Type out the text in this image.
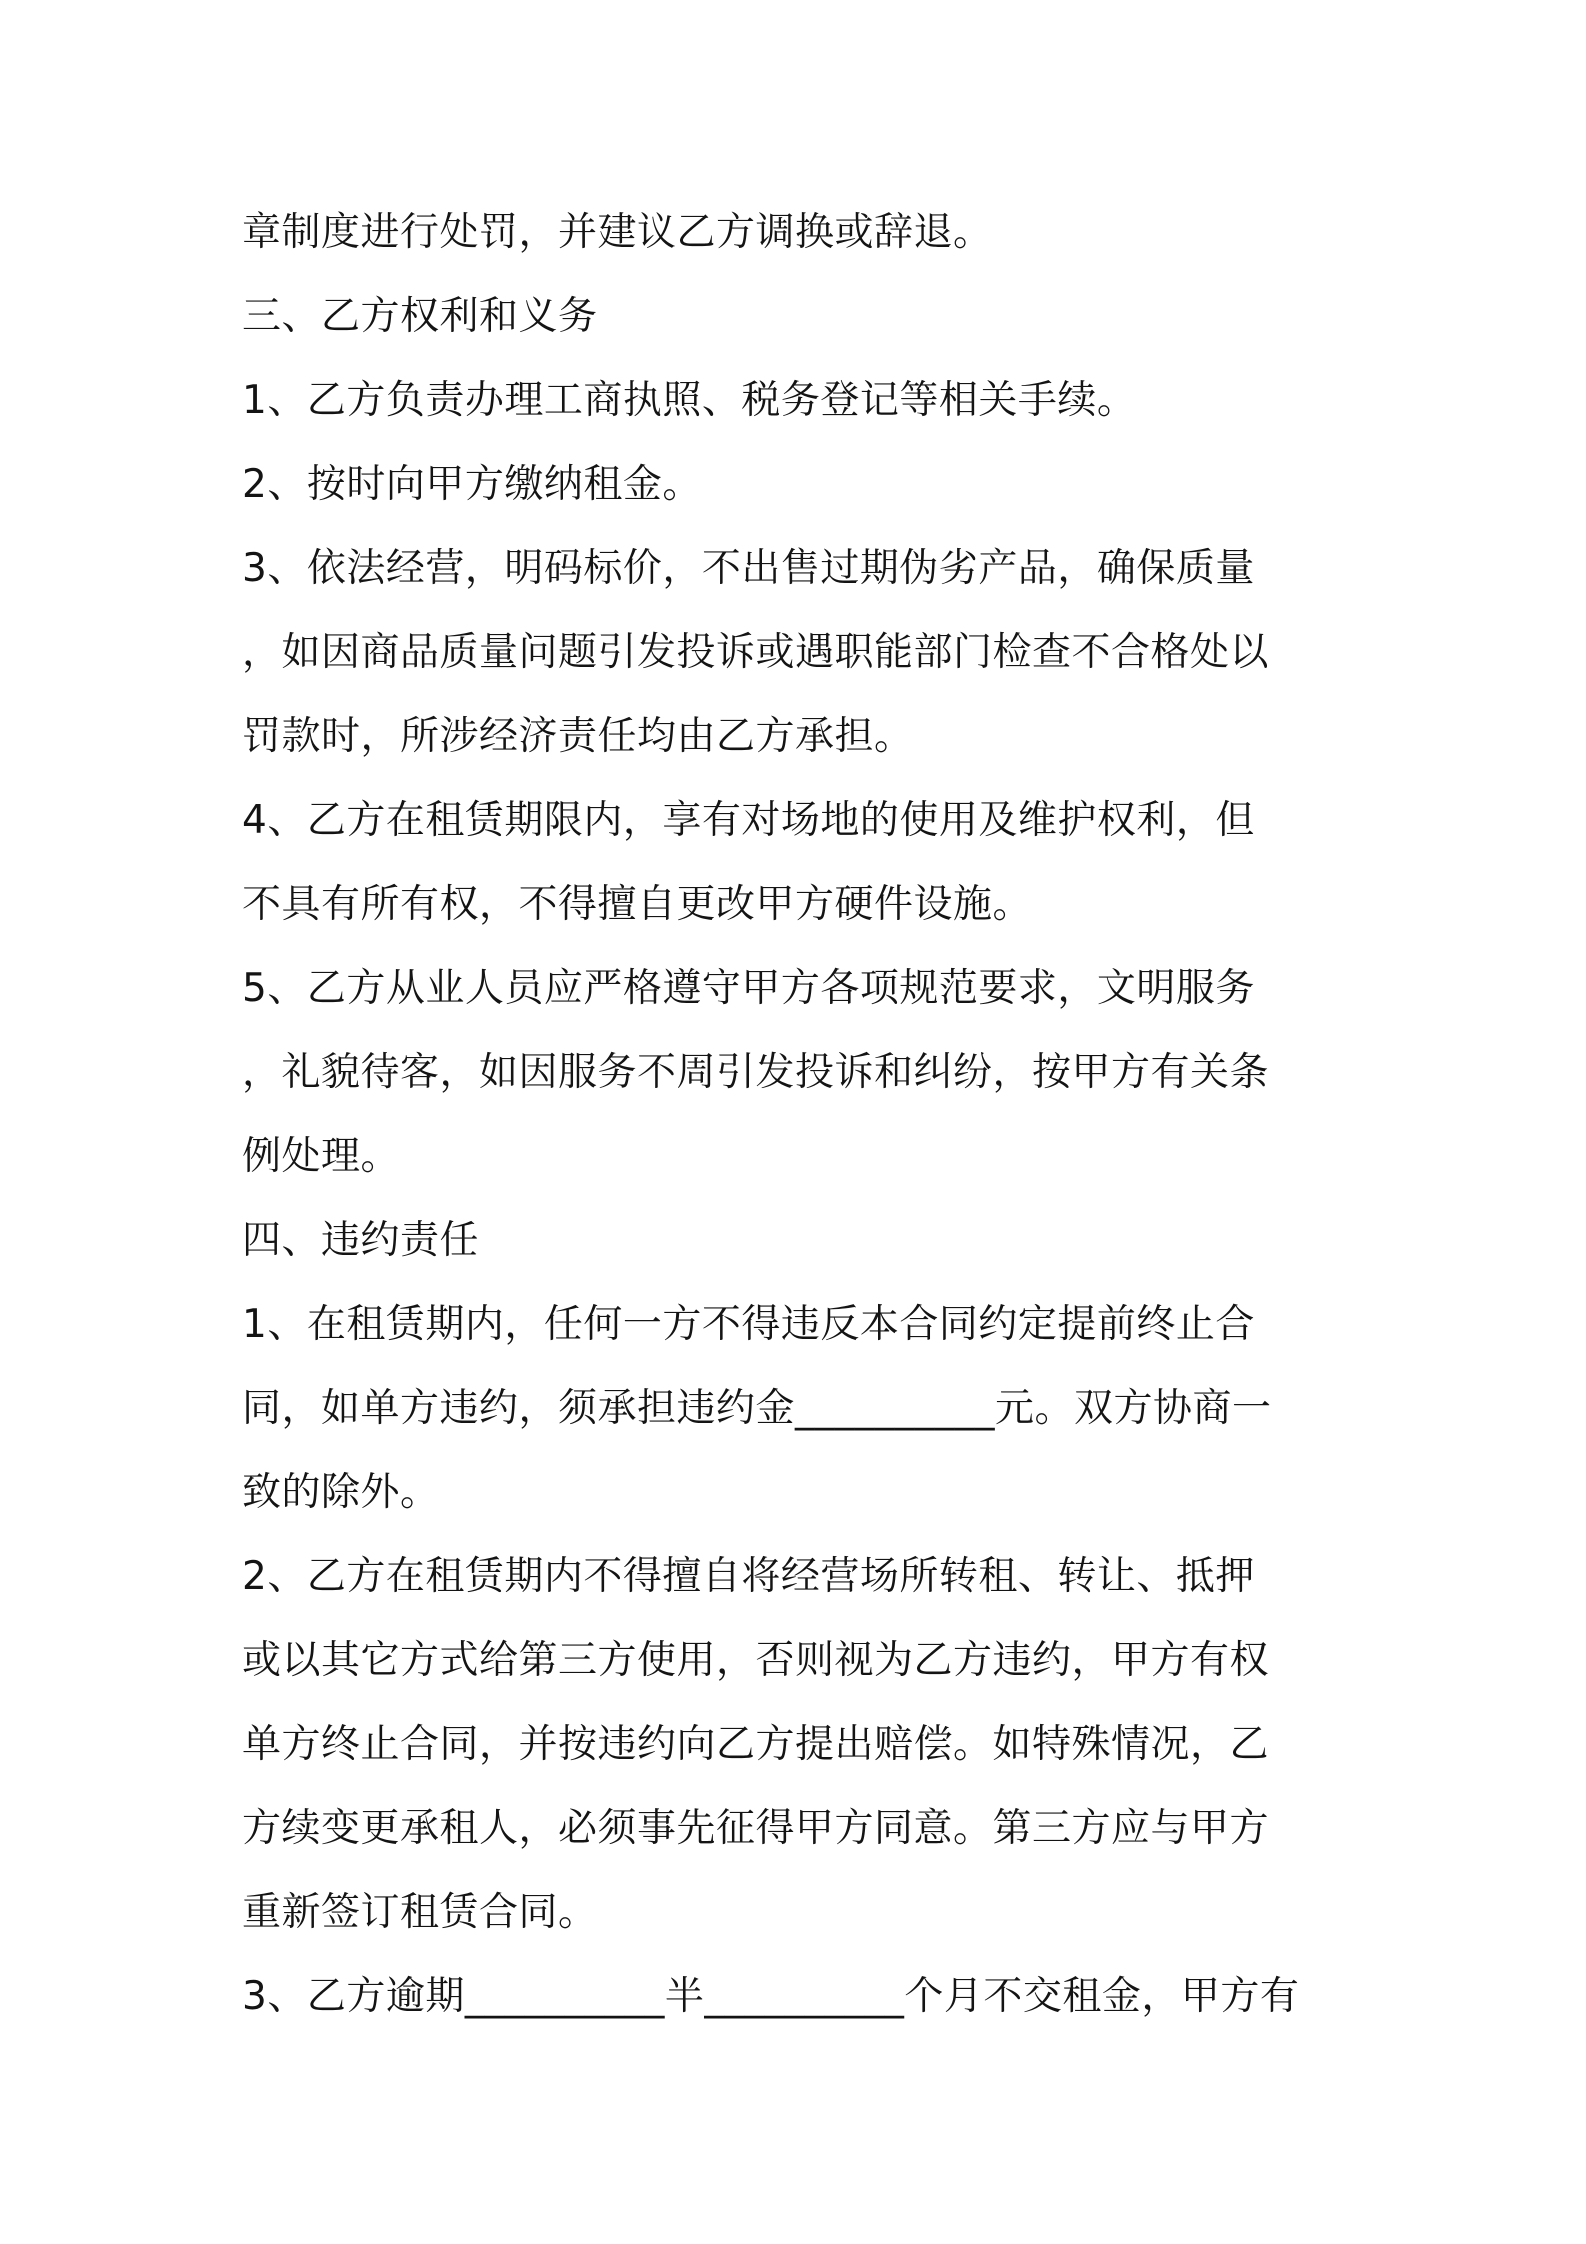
章制度进行处罚，并建议乙方调换或辞退。
三、乙方权利和义务
1、乙方负责办理工商执照、税务登记等相关手续。
2、按时向甲方缴纳租金。
3、依法经营，明码标价，不出售过期伪劣产品，确保质量
，如因商品质量问题引发投诉或遇职能部门检查不合格处以
罚款时，所涉经济责任均由乙方承担。
4、乙方在租赁期限内，享有对场地的使用及维护权利，但
不具有所有权，不得擅自更改甲方硬件设施。
5、乙方从业人员应严格遵守甲方各项规范要求，文明服务
，礼貌待客，如因服务不周引发投诉和纠纷，按甲方有关条
例处理。
四、违约责任
1、在租赁期内，任何一方不得违反本合同约定提前终止合
同，如单方违约，须承担违约金__________元。双方协商一
致的除外。
2、乙方在租赁期内不得擅自将经营场所转租、转让、抵押
或以其它方式给第三方使用，否则视为乙方违约，甲方有权
单方终止合同，并按违约向乙方提出赔偿。如特殊情况，乙
方续变更承租人，必须事先征得甲方同意。第三方应与甲方
重新签订租赁合同。
3、乙方逾期__________半__________个月不交租金，甲方有
